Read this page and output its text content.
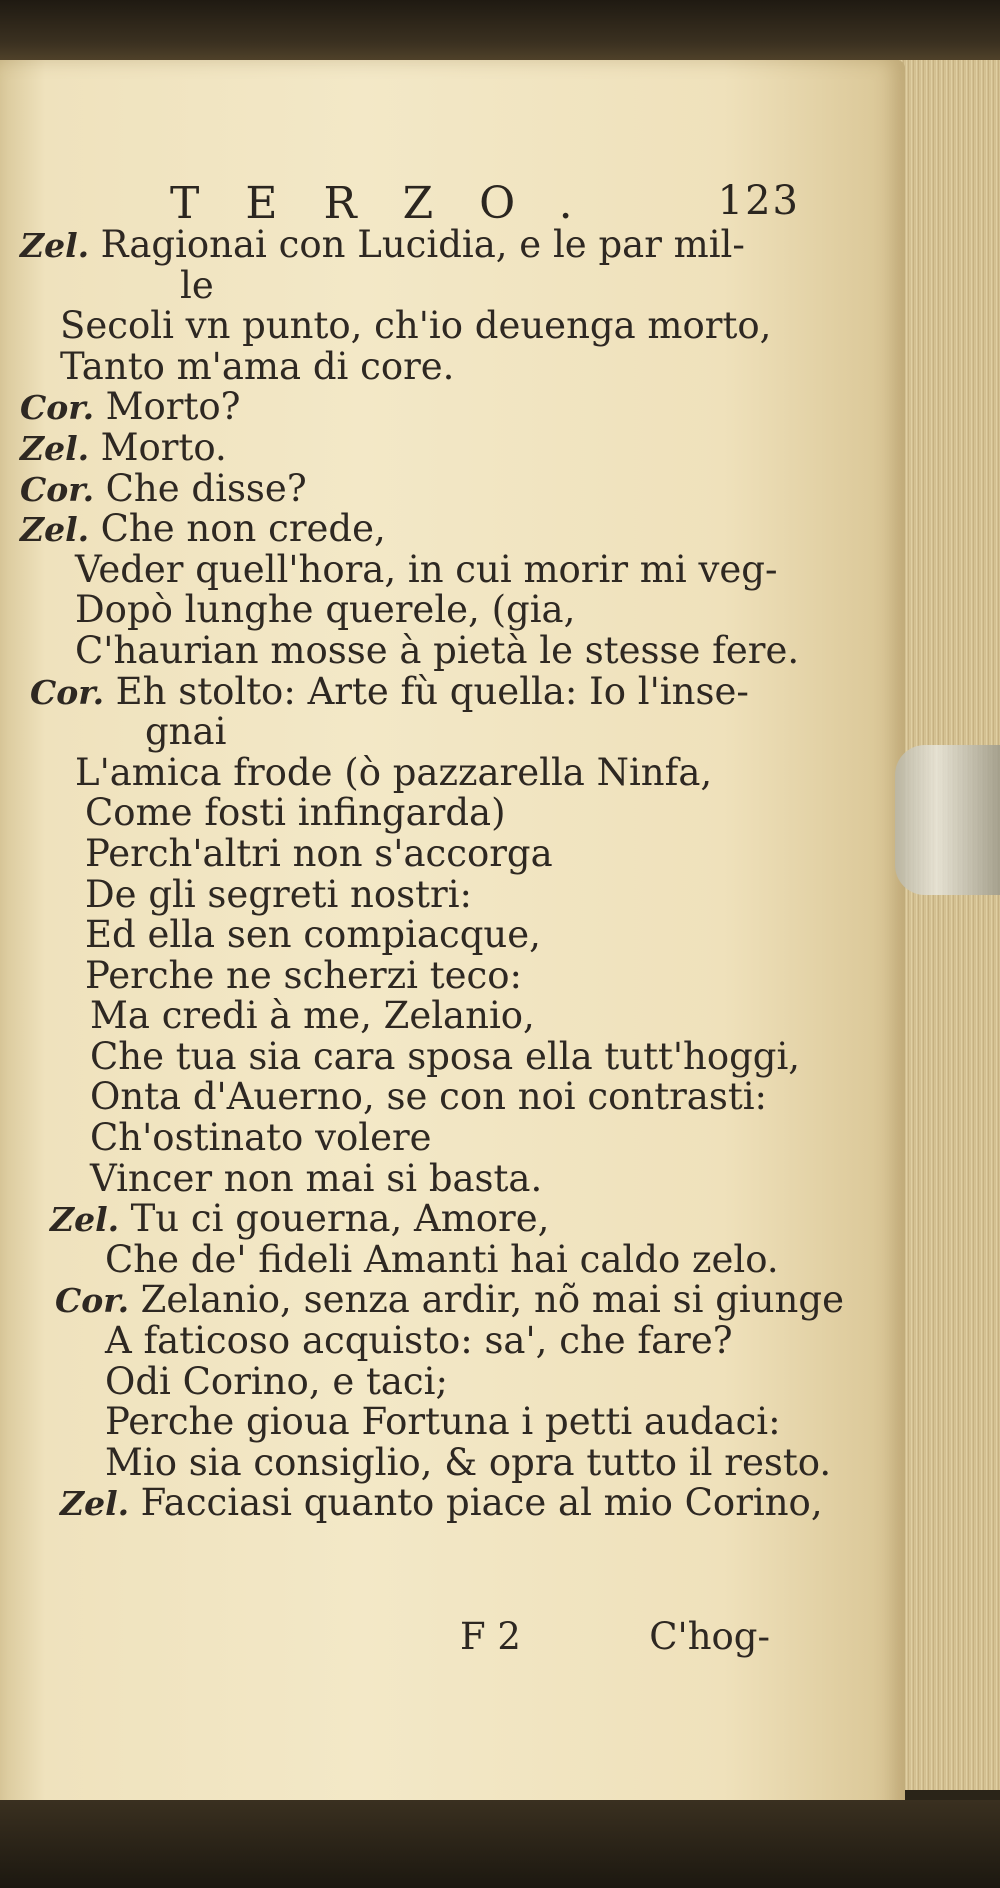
TERZO. 123
Zel. Ragionai con Lucidia, e le par mil-
le
Secoli vn punto, ch'io deuenga morto,
Tanto m'ama di core.
Cor. Morto?
Zel. Morto.
Cor. Che disse?
Zel. Che non crede,
Veder quell'hora, in cui morir mi veg-
Dopò lunghe querele, (gia,
C'haurian mosse à pietà le stesse fere.
Cor. Eh stolto: Arte fù quella: Io l'inse-
gnai
L'amica frode (ò pazzarella Ninfa,
Come fosti infingarda)
Perch'altri non s'accorga
De gli segreti nostri:
Ed ella sen compiacque,
Perche ne scherzi teco:
Ma credi à me, Zelanio,
Che tua sia cara sposa ella tutt'hoggi,
Onta d'Auerno, se con noi contrasti:
Ch'ostinato volere
Vincer non mai si basta.
Zel. Tu ci gouerna, Amore,
Che de' fideli Amanti hai caldo zelo.
Cor. Zelanio, senza ardir, nõ mai si giunge
A faticoso acquisto: sa', che fare?
Odi Corino, e taci;
Perche gioua Fortuna i petti audaci:
Mio sia consiglio, & opra tutto il resto.
Zel. Facciasi quanto piace al mio Corino,
F 2	C'hog-
